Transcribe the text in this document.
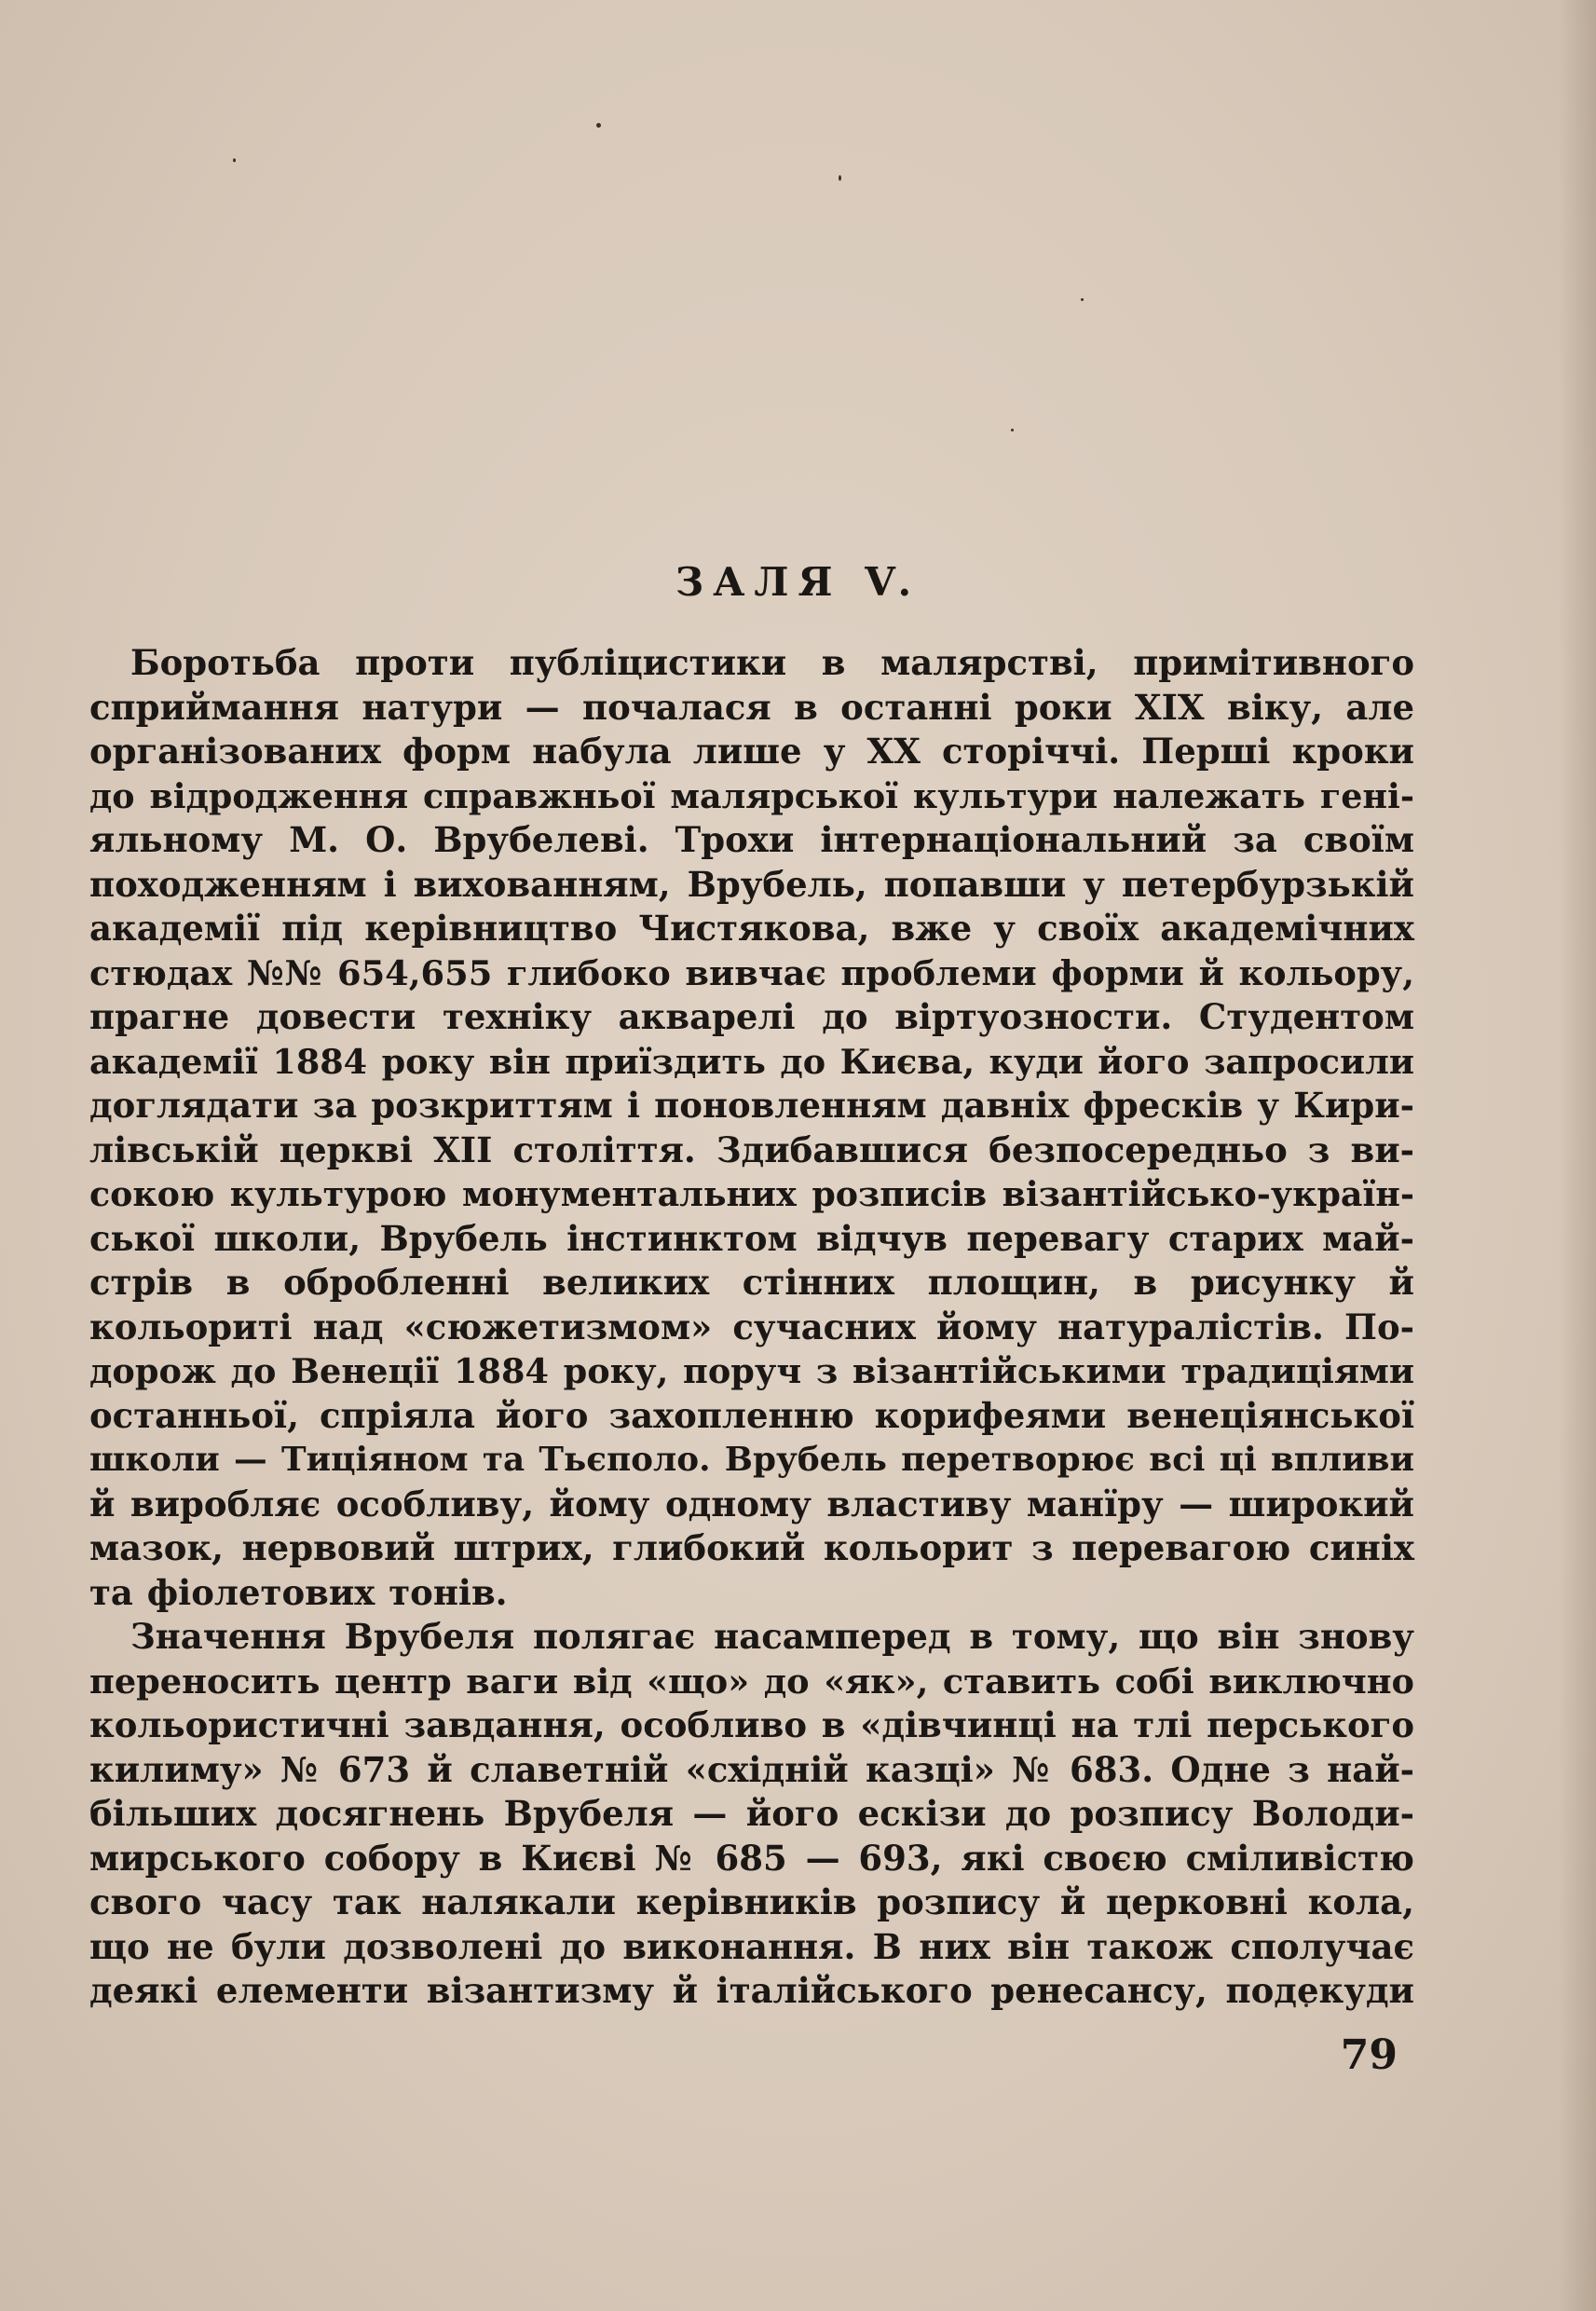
ЗАЛЯ V.
Боротьба проти публіцистики в малярстві, примітивного
сприймання натури — почалася в останні роки XIX віку, але
організованих форм набула лише у XX сторіччі. Перші кроки
до відродження справжньої малярської культури належать гені-
яльному М. О. Врубелеві. Трохи інтернаціональний за своїм
походженням і вихованням, Врубель, попавши у петербурзькій
академії під керівництво Чистякова, вже у своїх академічних
стюдах №№ 654,655 глибоко вивчає проблеми форми й кольору,
прагне довести техніку акварелі до віртуозности. Студентом
академії 1884 року він приїздить до Києва, куди його запросили
доглядати за розкриттям і поновленням давніх фресків у Кири-
лівській церкві XII століття. Здибавшися безпосередньо з ви-
сокою культурою монументальних розписів візантійсько-україн-
ської школи, Врубель інстинктом відчув перевагу старих май-
стрів в обробленні великих стінних площин, в рисунку й
кольориті над «сюжетизмом» сучасних йому натуралістів. По-
дорож до Венеції 1884 року, поруч з візантійськими традиціями
останньої, спріяла його захопленню корифеями венеціянської
школи — Тиціяном та Тьєполо. Врубель перетворює всі ці впливи
й виробляє особливу, йому одному властиву манїру — широкий
мазок, нервовий штрих, глибокий кольорит з перевагою синіх
та фіолетових тонів.
Значення Врубеля полягає насамперед в тому, що він знову
переносить центр ваги від «що» до «як», ставить собі виключно
кольористичні завдання, особливо в «дівчинці на тлі перського
килиму» № 673 й славетній «східній казці» № 683. Одне з най-
більших досягнень Врубеля — його ескізи до розпису Володи-
мирського собору в Києві № 685 — 693, які своєю сміливістю
свого часу так налякали керівників розпису й церковні кола,
що не були дозволені до виконання. В них він також сполучає
деякі елементи візантизму й італійського ренесансу, подекуди
79
